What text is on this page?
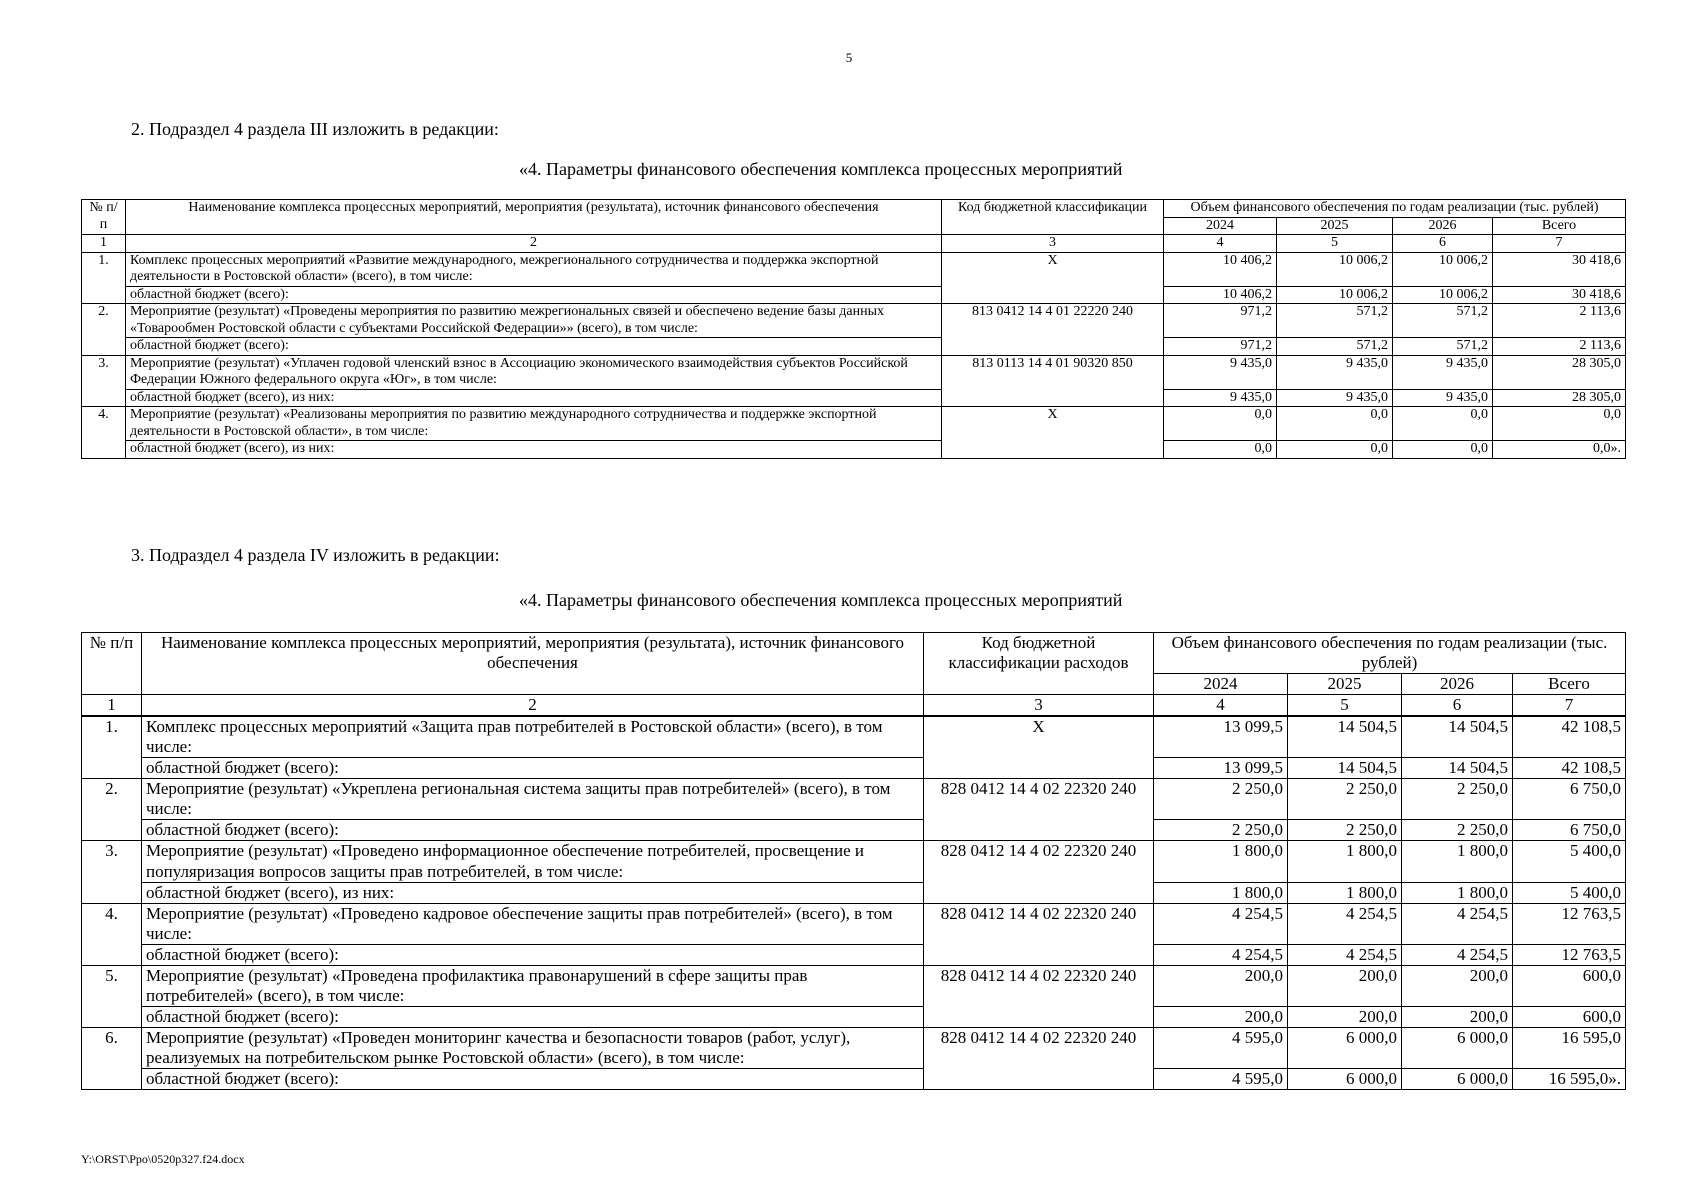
5
2. Подраздел 4 раздела III изложить в редакции:
«4. Параметры финансового обеспечения комплекса процессных мероприятий
№ п/п	Наименование комплекса процессных мероприятий, мероприятия (результата), источник финансового обеспечения	Код бюджетной классификации	Объем финансового обеспечения по годам реализации (тыс. рублей)			
			2024	2025	2026	Всего
1	2	3	4	5	6	7
1.	Комплекс процессных мероприятий «Развитие международного, межрегионального сотрудничества и поддержка экспортной деятельности в Ростовской области» (всего), в том числе:	Х	10 406,2	10 006,2	10 006,2	30 418,6
	областной бюджет (всего):		10 406,2	10 006,2	10 006,2	30 418,6
2.	Мероприятие (результат) «Проведены мероприятия по развитию межрегиональных связей и обеспечено ведение базы данных «Товарообмен Ростовской области с субъектами Российской Федерации»» (всего), в том числе:	813 0412 14 4 01 22220 240	971,2	571,2	571,2	2 113,6
	областной бюджет (всего):		971,2	571,2	571,2	2 113,6
3.	Мероприятие (результат) «Уплачен годовой членский взнос в Ассоциацию экономического взаимодействия субъектов Российской Федерации Южного федерального округа «Юг», в том числе:	813 0113 14 4 01 90320 850	9 435,0	9 435,0	9 435,0	28 305,0
	областной бюджет (всего), из них:		9 435,0	9 435,0	9 435,0	28 305,0
4.	Мероприятие (результат) «Реализованы мероприятия по развитию международного сотрудничества и поддержке экспортной деятельности в Ростовской области», в том числе:	Х	0,0	0,0	0,0	0,0
	областной бюджет (всего), из них:		0,0	0,0	0,0	0,0».
3. Подраздел 4 раздела IV изложить в редакции:
«4. Параметры финансового обеспечения комплекса процессных мероприятий
№ п/п	Наименование комплекса процессных мероприятий, мероприятия (результата), источник финансового обеспечения	Код бюджетной классификации расходов	Объем финансового обеспечения по годам реализации (тыс. рублей)			
			2024	2025	2026	Всего
1	2	3	4	5	6	7
1.	Комплекс процессных мероприятий «Защита прав потребителей в Ростовской области» (всего), в том числе:	Х	13 099,5	14 504,5	14 504,5	42 108,5
	областной бюджет (всего):		13 099,5	14 504,5	14 504,5	42 108,5
2.	Мероприятие (результат) «Укреплена региональная система защиты прав потребителей» (всего), в том числе:	828 0412 14 4 02 22320 240	2 250,0	2 250,0	2 250,0	6 750,0
	областной бюджет (всего):		2 250,0	2 250,0	2 250,0	6 750,0
3.	Мероприятие (результат) «Проведено информационное обеспечение потребителей, просвещение и популяризация вопросов защиты прав потребителей, в том числе:	828 0412 14 4 02 22320 240	1 800,0	1 800,0	1 800,0	5 400,0
	областной бюджет (всего), из них:		1 800,0	1 800,0	1 800,0	5 400,0
4.	Мероприятие (результат) «Проведено кадровое обеспечение защиты прав потребителей» (всего), в том числе:	828 0412 14 4 02 22320 240	4 254,5	4 254,5	4 254,5	12 763,5
	областной бюджет (всего):		4 254,5	4 254,5	4 254,5	12 763,5
5.	Мероприятие (результат) «Проведена профилактика правонарушений в сфере защиты прав потребителей» (всего), в том числе:	828 0412 14 4 02 22320 240	200,0	200,0	200,0	600,0
	областной бюджет (всего):		200,0	200,0	200,0	600,0
6.	Мероприятие (результат) «Проведен мониторинг качества и безопасности товаров (работ, услуг), реализуемых на потребительском рынке Ростовской области» (всего), в том числе:	828 0412 14 4 02 22320 240	4 595,0	6 000,0	6 000,0	16 595,0
	областной бюджет (всего):		4 595,0	6 000,0	6 000,0	16 595,0».
Y:\ORST\Ppo\0520p327.f24.docx
